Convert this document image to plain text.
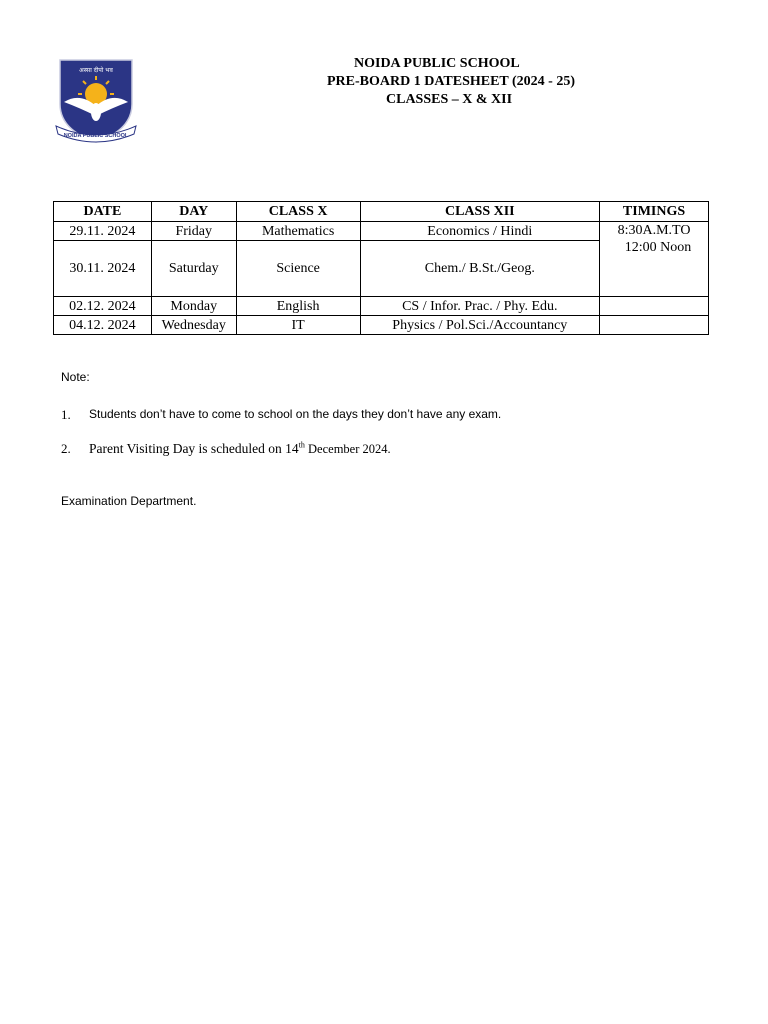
अस्सा दीपो भव
NOIDA PUBLIC SCHOOL
NOIDA PUBLIC SCHOOL
PRE-BOARD 1 DATESHEET (2024 - 25)
CLASSES – X & XII
DATE	DAY	CLASS X	CLASS XII	TIMINGS
29.11. 2024	Friday	Mathematics	Economics / Hindi	8:30A.M.TO
12:00 Noon

30.11. 2024	Saturday	Science	Chem./ B.St./Geog.	
02.12. 2024	Monday	English	CS / Infor. Prac. / Phy. Edu.	
04.12. 2024	Wednesday	IT	Physics / Pol.Sci./Accountancy	
Note:
1. Students don’t have to come to school on the days they don’t have any exam.
2. Parent Visiting Day is scheduled on 14th December 2024.
Examination Department.
